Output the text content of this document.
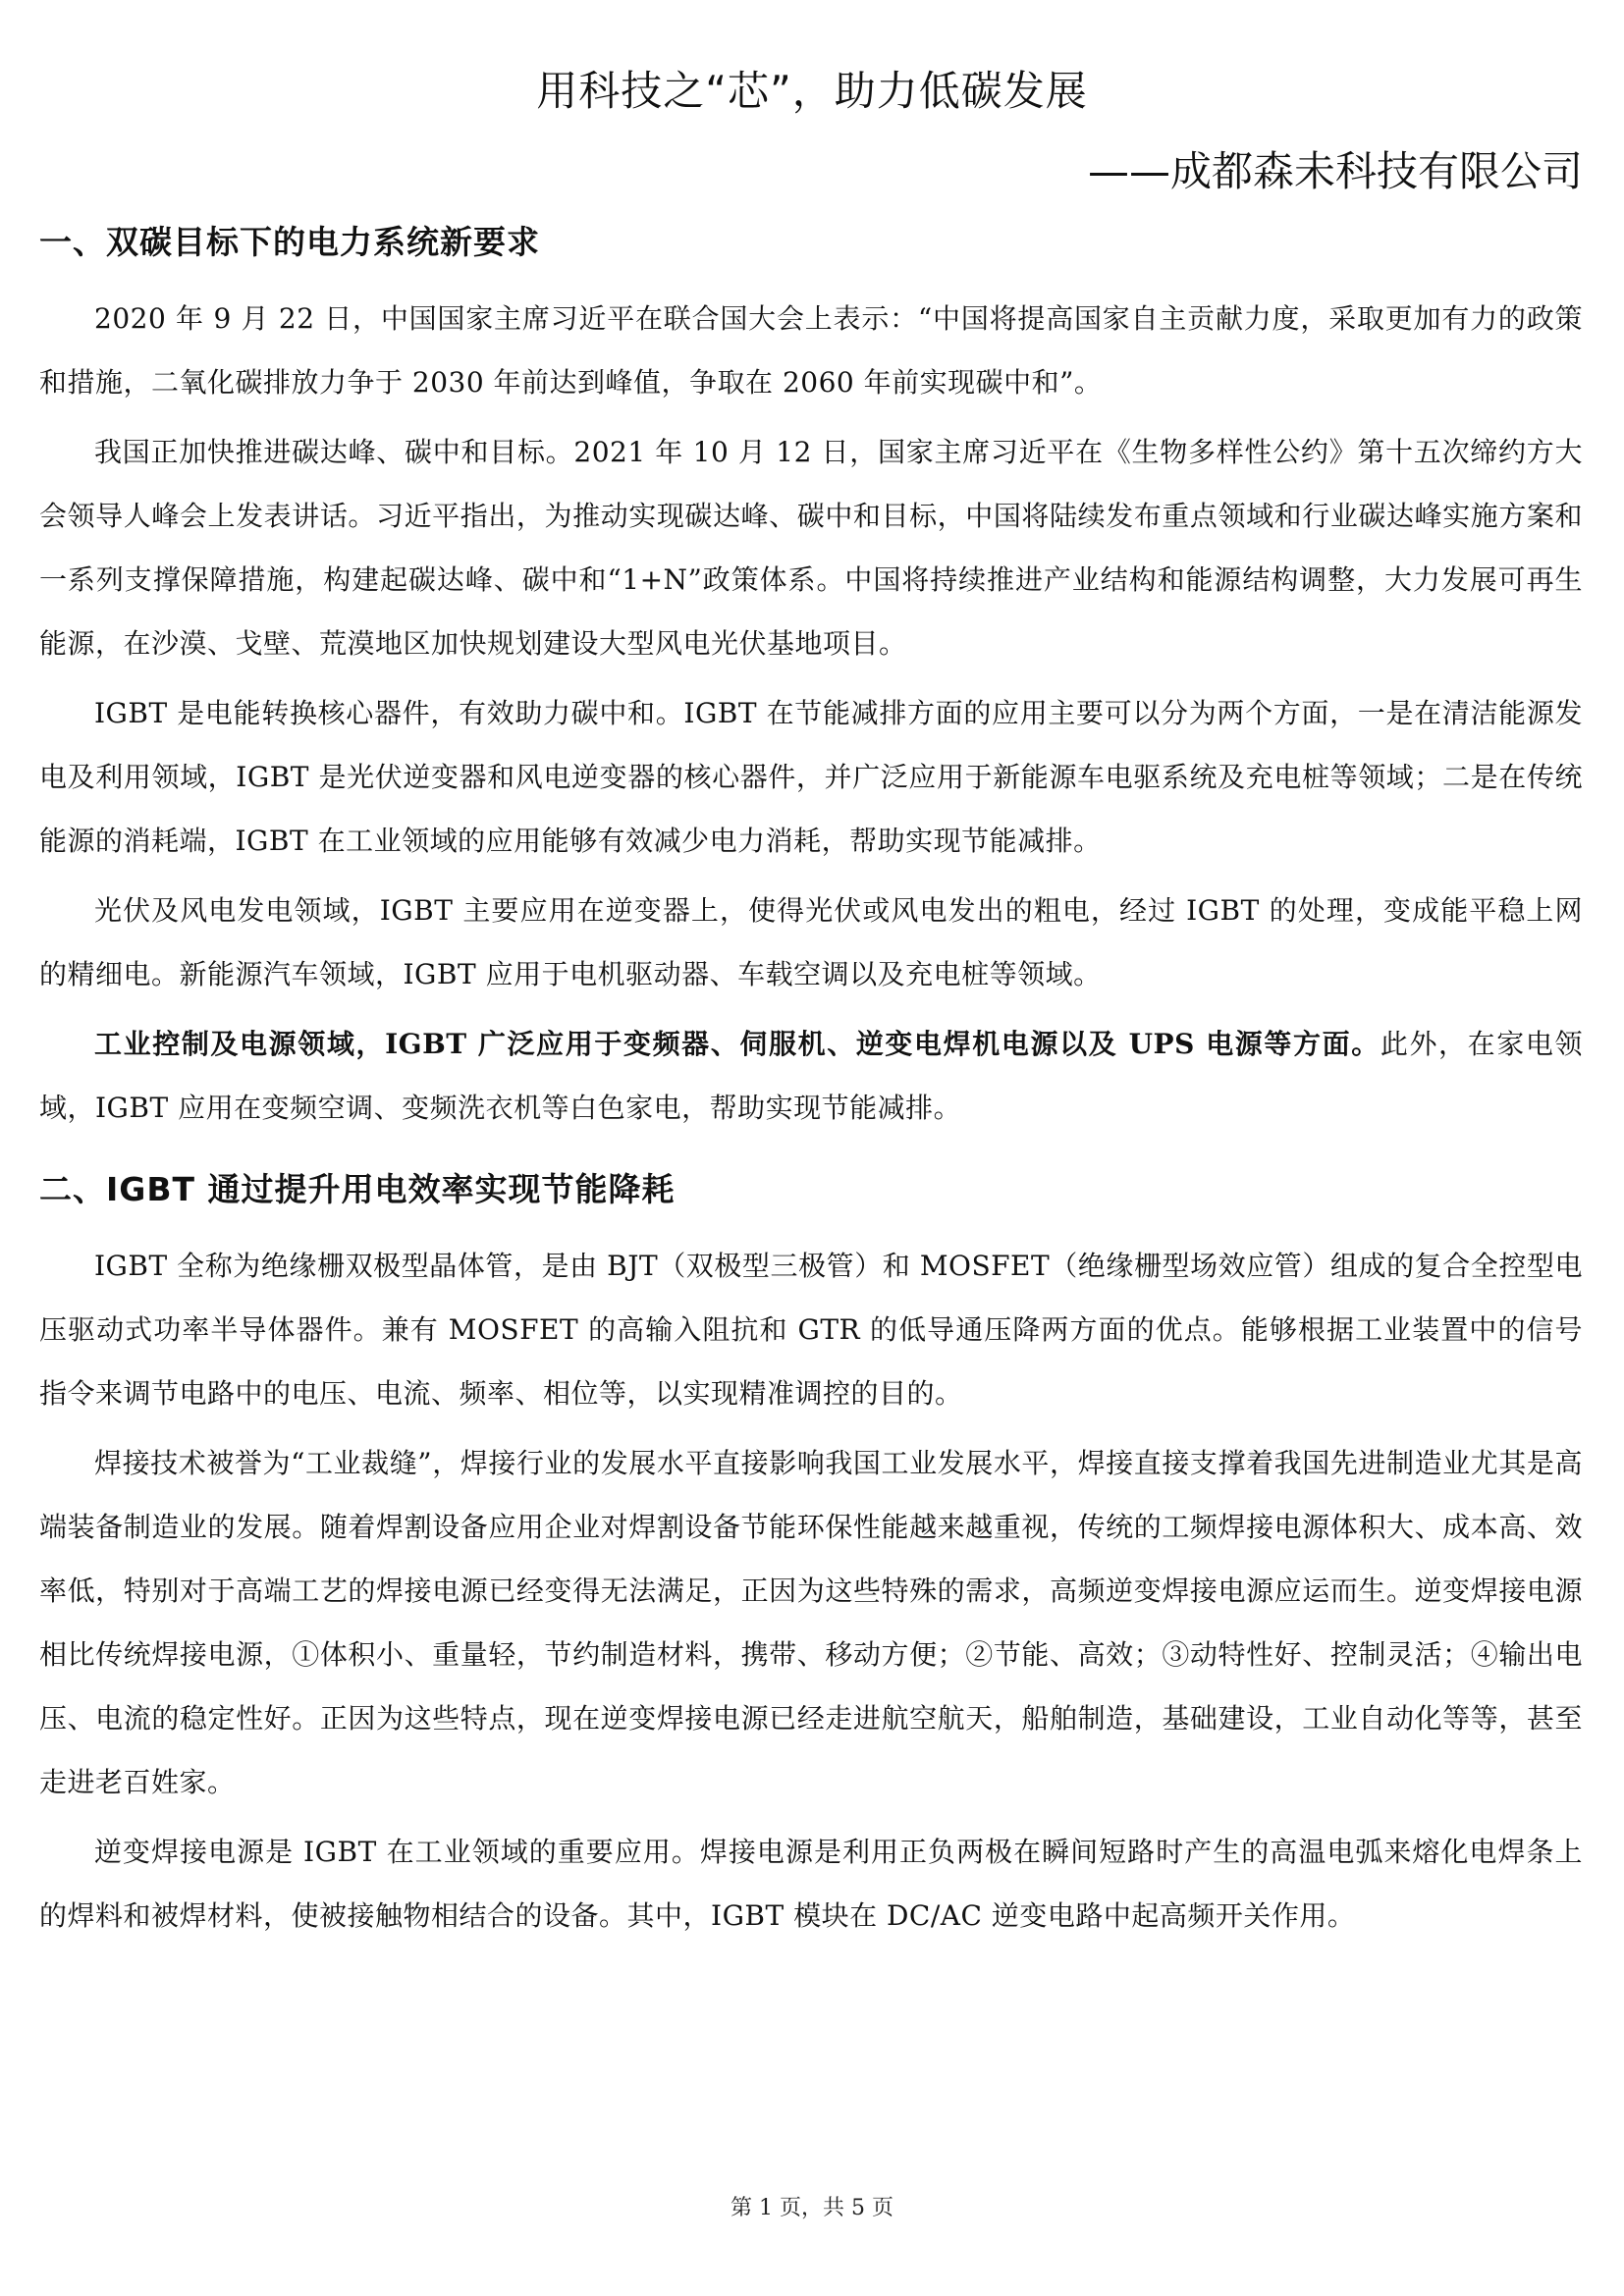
用科技之“芯”，助力低碳发展
——成都森未科技有限公司
一、双碳目标下的电力系统新要求

2020 年 9 月 22 日，中国国家主席习近平在联合国大会上表示：“中国将提高国家自主贡献力度，采取更加有力的政策和措施，二氧化碳排放力争于 2030 年前达到峰值，争取在 2060 年前实现碳中和”。

我国正加快推进碳达峰、碳中和目标。2021 年 10 月 12 日，国家主席习近平在《生物多样性公约》第十五次缔约方大会领导人峰会上发表讲话。习近平指出，为推动实现碳达峰、碳中和目标，中国将陆续发布重点领域和行业碳达峰实施方案和一系列支撑保障措施，构建起碳达峰、碳中和“1+N”政策体系。中国将持续推进产业结构和能源结构调整，大力发展可再生能源，在沙漠、戈壁、荒漠地区加快规划建设大型风电光伏基地项目。

IGBT 是电能转换核心器件，有效助力碳中和。IGBT 在节能减排方面的应用主要可以分为两个方面，一是在清洁能源发电及利用领域，IGBT 是光伏逆变器和风电逆变器的核心器件，并广泛应用于新能源车电驱系统及充电桩等领域；二是在传统能源的消耗端，IGBT 在工业领域的应用能够有效减少电力消耗，帮助实现节能减排。

光伏及风电发电领域，IGBT 主要应用在逆变器上，使得光伏或风电发出的粗电，经过 IGBT 的处理，变成能平稳上网的精细电。新能源汽车领域，IGBT 应用于电机驱动器、车载空调以及充电桩等领域。

工业控制及电源领域，IGBT 广泛应用于变频器、伺服机、逆变电焊机电源以及 UPS 电源等方面。此外，在家电领域，IGBT 应用在变频空调、变频洗衣机等白色家电，帮助实现节能减排。

二、IGBT 通过提升用电效率实现节能降耗

IGBT 全称为绝缘栅双极型晶体管，是由 BJT（双极型三极管）和 MOSFET（绝缘栅型场效应管）组成的复合全控型电压驱动式功率半导体器件。兼有 MOSFET 的高输入阻抗和 GTR 的低导通压降两方面的优点。能够根据工业装置中的信号指令来调节电路中的电压、电流、频率、相位等，以实现精准调控的目的。

焊接技术被誉为“工业裁缝”，焊接行业的发展水平直接影响我国工业发展水平，焊接直接支撑着我国先进制造业尤其是高端装备制造业的发展。随着焊割设备应用企业对焊割设备节能环保性能越来越重视，传统的工频焊接电源体积大、成本高、效率低，特别对于高端工艺的焊接电源已经变得无法满足，正因为这些特殊的需求，高频逆变焊接电源应运而生。逆变焊接电源相比传统焊接电源，①体积小、重量轻，节约制造材料，携带、移动方便；②节能、高效；③动特性好、控制灵活；④输出电压、电流的稳定性好。正因为这些特点，现在逆变焊接电源已经走进航空航天，船舶制造，基础建设，工业自动化等等，甚至走进老百姓家。

逆变焊接电源是 IGBT 在工业领域的重要应用。焊接电源是利用正负两极在瞬间短路时产生的高温电弧来熔化电焊条上的焊料和被焊材料，使被接触物相结合的设备。其中，IGBT 模块在 DC/AC 逆变电路中起高频开关作用。

第 1 页，共 5 页
